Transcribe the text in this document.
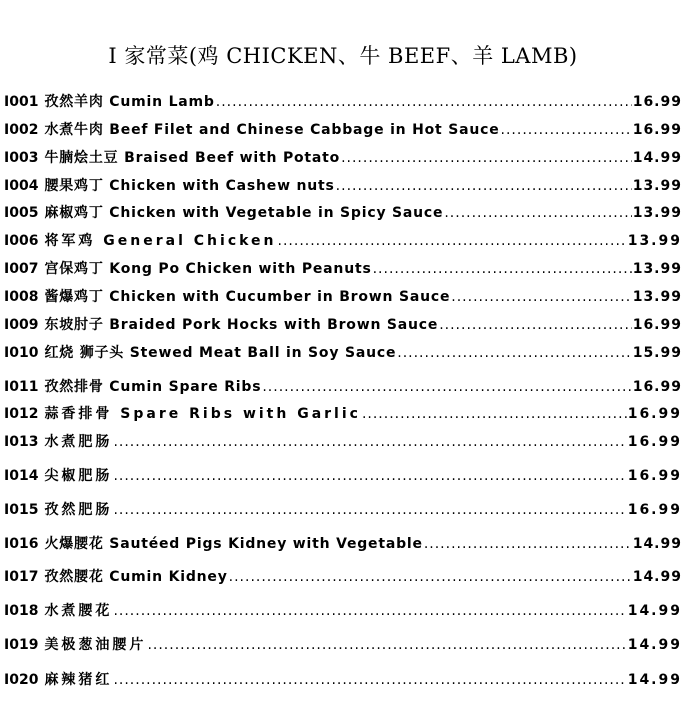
I 家常菜(鸡 CHICKEN、牛 BEEF、羊 LAMB)
I001 孜然羊肉 Cumin Lamb .....	16.99
I002 水煮牛肉 Beef Filet and Chinese Cabbage in Hot Sauce .....	16.99
I003 牛腩烩土豆 Braised Beef with Potato .....	14.99
I004 腰果鸡丁 Chicken with Cashew nuts .....	13.99
I005 麻椒鸡丁 Chicken with Vegetable in Spicy Sauce .....	13.99
I006 将军鸡 General Chicken .....	13.99
I007 宫保鸡丁 Kong Po Chicken with Peanuts .....	13.99
I008 酱爆鸡丁 Chicken with Cucumber in Brown Sauce .....	13.99
I009 东坡肘子 Braided Pork Hocks with Brown Sauce .....	16.99
I010 红烧 狮子头 Stewed Meat Ball in Soy Sauce .....	15.99
I011 孜然排骨 Cumin Spare Ribs .....	16.99
I012 蒜香排骨 Spare Ribs with Garlic .....	16.99
I013 水煮肥肠 .....	16.99
I014 尖椒肥肠 .....	16.99
I015 孜然肥肠 .....	16.99
I016 火爆腰花 Sautéed Pigs Kidney with Vegetable .....	14.99
I017 孜然腰花 Cumin Kidney .....	14.99
I018 水煮腰花 .....	14.99
I019 美极葱油腰片 .....	14.99
I020 麻辣猪红 .....	14.99
